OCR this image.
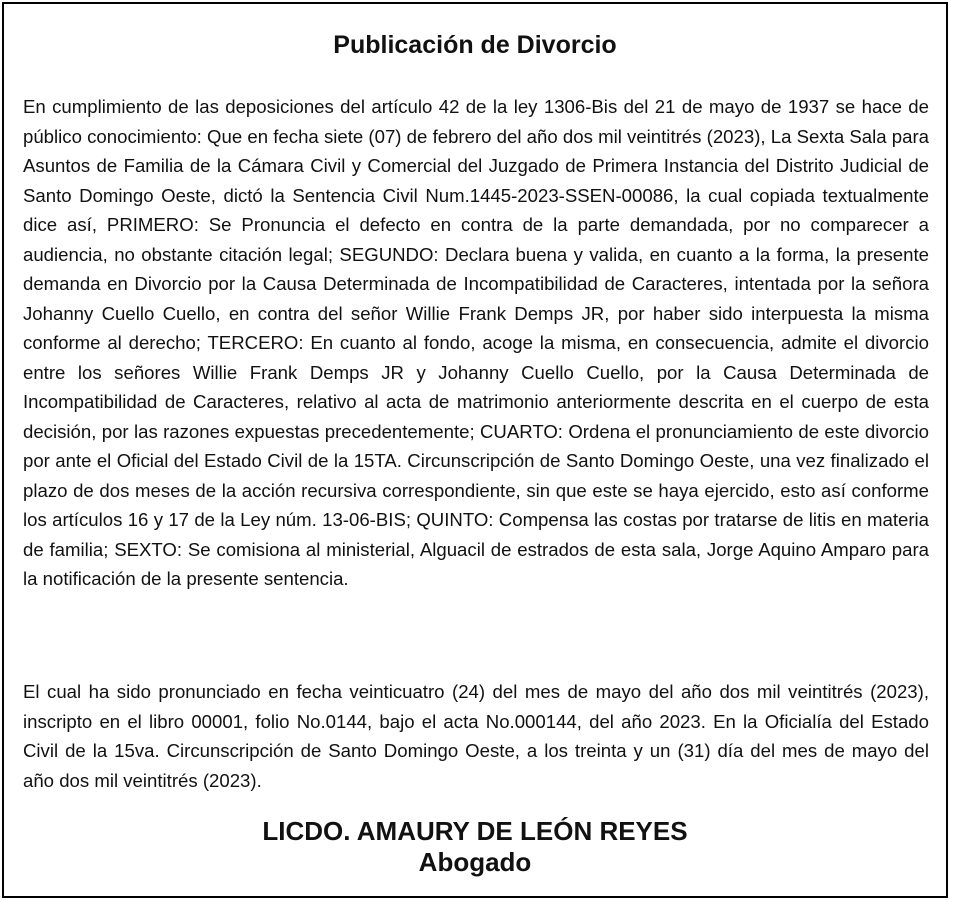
Publicación de Divorcio

En cumplimiento de las deposiciones del artículo 42 de la ley 1306-Bis del 21 de mayo de 1937 se hace de público conocimiento: Que en fecha siete (07) de febrero del año dos mil veintitrés (2023), La Sexta Sala para Asuntos de Familia de la Cámara Civil y Comercial del Juzgado de Primera Instancia del Distrito Judicial de Santo Domingo Oeste, dictó la Sentencia Civil Num.1445-2023-SSEN-00086, la cual copiada textualmente dice así, PRIMERO: Se Pronuncia el defecto en contra de la parte demandada, por no comparecer a audiencia, no obstante citación legal; SEGUNDO: Declara buena y valida, en cuanto a la forma, la presente demanda en Divorcio por la Causa Determinada de Incompatibilidad de Caracteres, intentada por la señora Johanny Cuello Cuello, en contra del señor Willie Frank Demps JR, por haber sido interpuesta la misma conforme al derecho; TERCERO: En cuanto al fondo, acoge la misma, en consecuencia, admite el divorcio entre los señores Willie Frank Demps JR y Johanny Cuello Cuello, por la Causa Determinada de Incompatibilidad de Caracteres, relativo al acta de matrimonio anteriormente descrita en el cuerpo de esta decisión, por las razones expuestas precedentemente; CUARTO: Ordena el pronunciamiento de este divorcio por ante el Oficial del Estado Civil de la 15TA. Circunscripción de Santo Domingo Oeste, una vez finalizado el plazo de dos meses de la acción recursiva correspondiente, sin que este se haya ejercido, esto así conforme los artículos 16 y 17 de la Ley núm. 13-06-BIS; QUINTO: Compensa las costas por tratarse de litis en materia de familia; SEXTO: Se comisiona al ministerial, Alguacil de estrados de esta sala, Jorge Aquino Amparo para la notificación de la presente sentencia.

El cual ha sido pronunciado en fecha veinticuatro (24) del mes de mayo del año dos mil veintitrés (2023), inscripto en el libro 00001, folio No.0144, bajo el acta No.000144, del año 2023. En la Oficialía del Estado Civil de la 15va. Circunscripción de Santo Domingo Oeste, a los treinta y un (31) día del mes de mayo del año dos mil veintitrés (2023).

LICDO. AMAURY DE LEÓN REYES
Abogado
